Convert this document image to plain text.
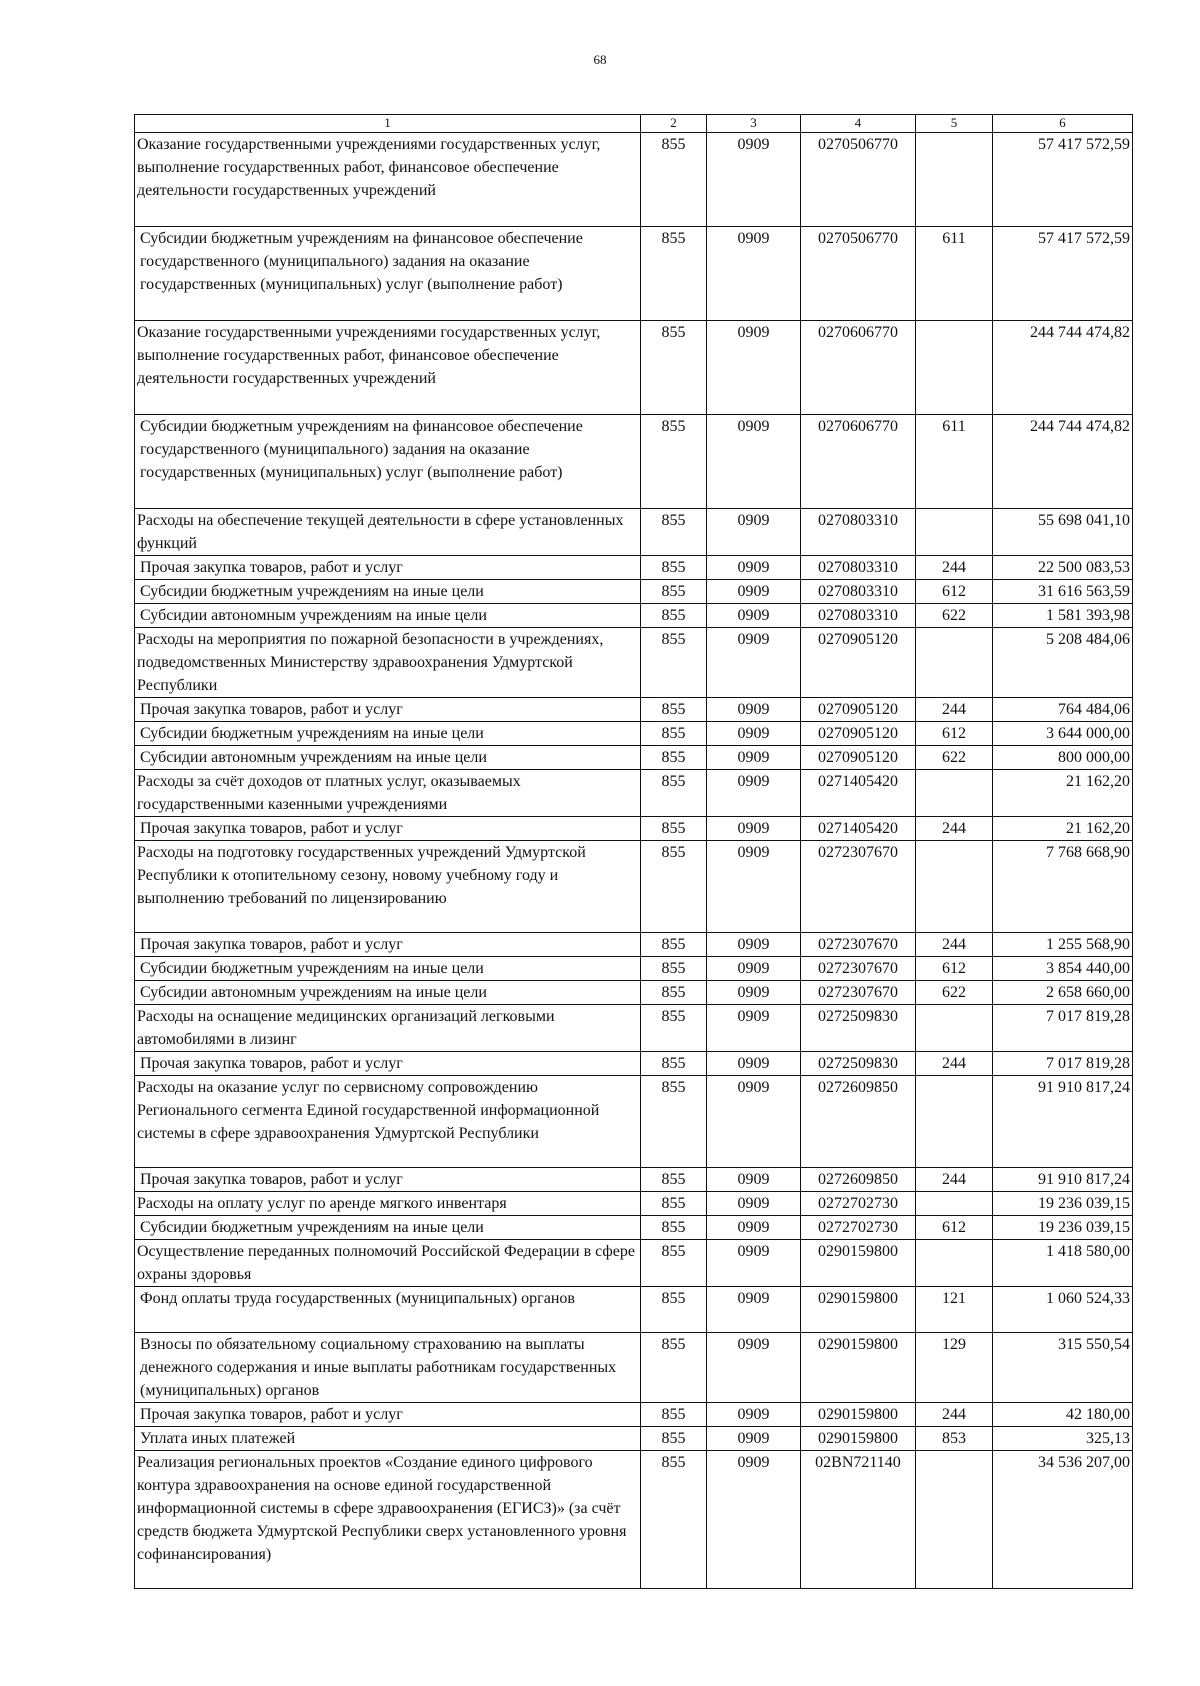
68
1	2	3	4	5	6
Оказание государственными учреждениями государственных услуг, выполнение государственных работ, финансовое обеспечение деятельности государственных учреждений	855	0909	0270506770		57 417 572,59
Субсидии бюджетным учреждениям на финансовое обеспечение государственного (муниципального) задания на оказание государственных (муниципальных) услуг (выполнение работ)	855	0909	0270506770	611	57 417 572,59
Оказание государственными учреждениями государственных услуг, выполнение государственных работ, финансовое обеспечение деятельности государственных учреждений	855	0909	0270606770		244 744 474,82
Субсидии бюджетным учреждениям на финансовое обеспечение государственного (муниципального) задания на оказание государственных (муниципальных) услуг (выполнение работ)	855	0909	0270606770	611	244 744 474,82
Расходы на обеспечение текущей деятельности в сфере установленных функций	855	0909	0270803310		55 698 041,10
Прочая закупка товаров, работ и услуг	855	0909	0270803310	244	22 500 083,53
Субсидии бюджетным учреждениям на иные цели	855	0909	0270803310	612	31 616 563,59
Субсидии автономным учреждениям на иные цели	855	0909	0270803310	622	1 581 393,98
Расходы на мероприятия по пожарной безопасности в учреждениях, подведомственных Министерству здравоохранения Удмуртской Республики	855	0909	0270905120		5 208 484,06
Прочая закупка товаров, работ и услуг	855	0909	0270905120	244	764 484,06
Субсидии бюджетным учреждениям на иные цели	855	0909	0270905120	612	3 644 000,00
Субсидии автономным учреждениям на иные цели	855	0909	0270905120	622	800 000,00
Расходы за счёт доходов от платных услуг, оказываемых государственными казенными учреждениями	855	0909	0271405420		21 162,20
Прочая закупка товаров, работ и услуг	855	0909	0271405420	244	21 162,20
Расходы на подготовку государственных учреждений Удмуртской Республики к отопительному сезону, новому учебному году и выполнению требований по лицензированию	855	0909	0272307670		7 768 668,90
Прочая закупка товаров, работ и услуг	855	0909	0272307670	244	1 255 568,90
Субсидии бюджетным учреждениям на иные цели	855	0909	0272307670	612	3 854 440,00
Субсидии автономным учреждениям на иные цели	855	0909	0272307670	622	2 658 660,00
Расходы на оснащение медицинских организаций легковыми автомобилями в лизинг	855	0909	0272509830		7 017 819,28
Прочая закупка товаров, работ и услуг	855	0909	0272509830	244	7 017 819,28
Расходы на оказание услуг по сервисному сопровождению Регионального сегмента Единой государственной информационной системы в сфере здравоохранения Удмуртской Республики	855	0909	0272609850		91 910 817,24
Прочая закупка товаров, работ и услуг	855	0909	0272609850	244	91 910 817,24
Расходы на оплату услуг по аренде мягкого инвентаря	855	0909	0272702730		19 236 039,15
Субсидии бюджетным учреждениям на иные цели	855	0909	0272702730	612	19 236 039,15
Осуществление переданных полномочий Российской Федерации в сфере охраны здоровья	855	0909	0290159800		1 418 580,00
Фонд оплаты труда государственных (муниципальных) органов	855	0909	0290159800	121	1 060 524,33
Взносы по обязательному социальному страхованию на выплаты денежного содержания и иные выплаты работникам государственных (муниципальных) органов	855	0909	0290159800	129	315 550,54
Прочая закупка товаров, работ и услуг	855	0909	0290159800	244	42 180,00
Уплата иных платежей	855	0909	0290159800	853	325,13
Реализация региональных проектов «Создание единого цифрового контура здравоохранения на основе единой государственной информационной системы в сфере здравоохранения (ЕГИСЗ)» (за счёт средств бюджета Удмуртской Республики сверх установленного уровня софинансирования)	855	0909	02BN721140		34 536 207,00
